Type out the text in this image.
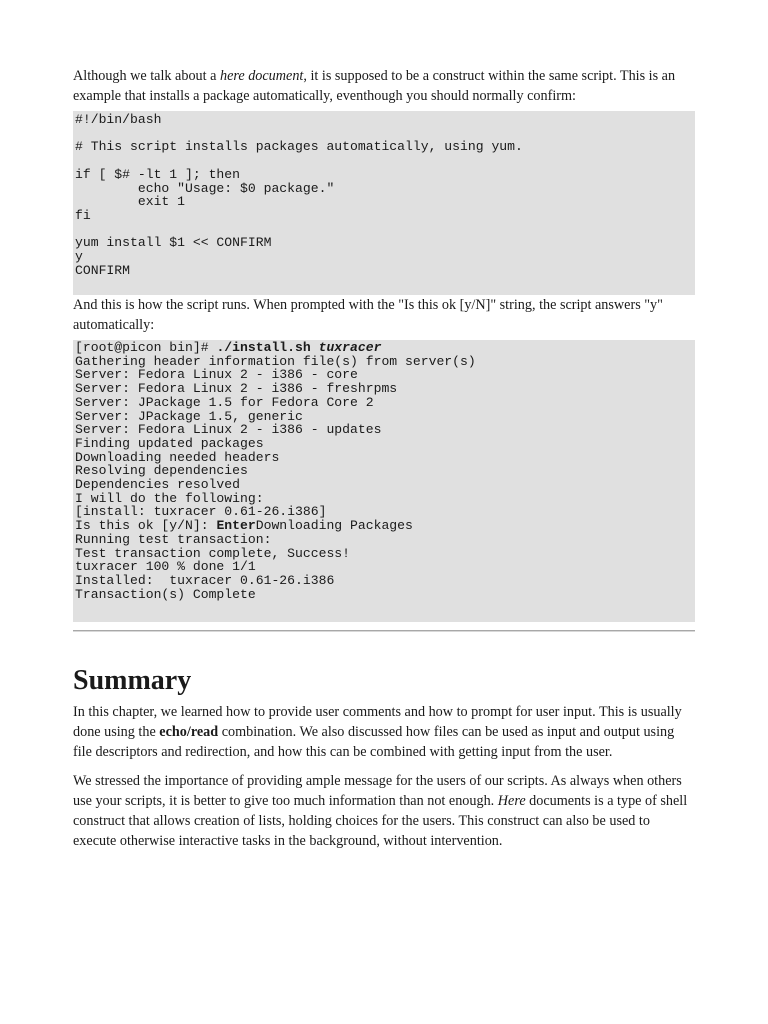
Although we talk about a here document, it is supposed to be a construct within the same script. This is an example that installs a package automatically, eventhough you should normally confirm:

#!/bin/bash

# This script installs packages automatically, using yum.

if [ $# -lt 1 ]; then
echo "Usage: $0 package."
exit 1
fi

yum install $1 << CONFIRM
y
CONFIRM

And this is how the script runs. When prompted with the "Is this ok [y/N]" string, the script answers "y" automatically:

[root@picon bin]# ./install.sh tuxracer
Gathering header information file(s) from server(s)
Server: Fedora Linux 2 - i386 - core
Server: Fedora Linux 2 - i386 - freshrpms
Server: JPackage 1.5 for Fedora Core 2
Server: JPackage 1.5, generic
Server: Fedora Linux 2 - i386 - updates
Finding updated packages
Downloading needed headers
Resolving dependencies
Dependencies resolved
I will do the following:
[install: tuxracer 0.61-26.i386]
Is this ok [y/N]: EnterDownloading Packages
Running test transaction:
Test transaction complete, Success!
tuxracer 100 % done 1/1
Installed:  tuxracer 0.61-26.i386
Transaction(s) Complete
Summary

In this chapter, we learned how to provide user comments and how to prompt for user input. This is usually done using the echo/read combination. We also discussed how files can be used as input and output using file descriptors and redirection, and how this can be combined with getting input from the user.

We stressed the importance of providing ample message for the users of our scripts. As always when others use your scripts, it is better to give too much information than not enough. Here documents is a type of shell construct that allows creation of lists, holding choices for the users. This construct can also be used to execute otherwise interactive tasks in the background, without intervention.
